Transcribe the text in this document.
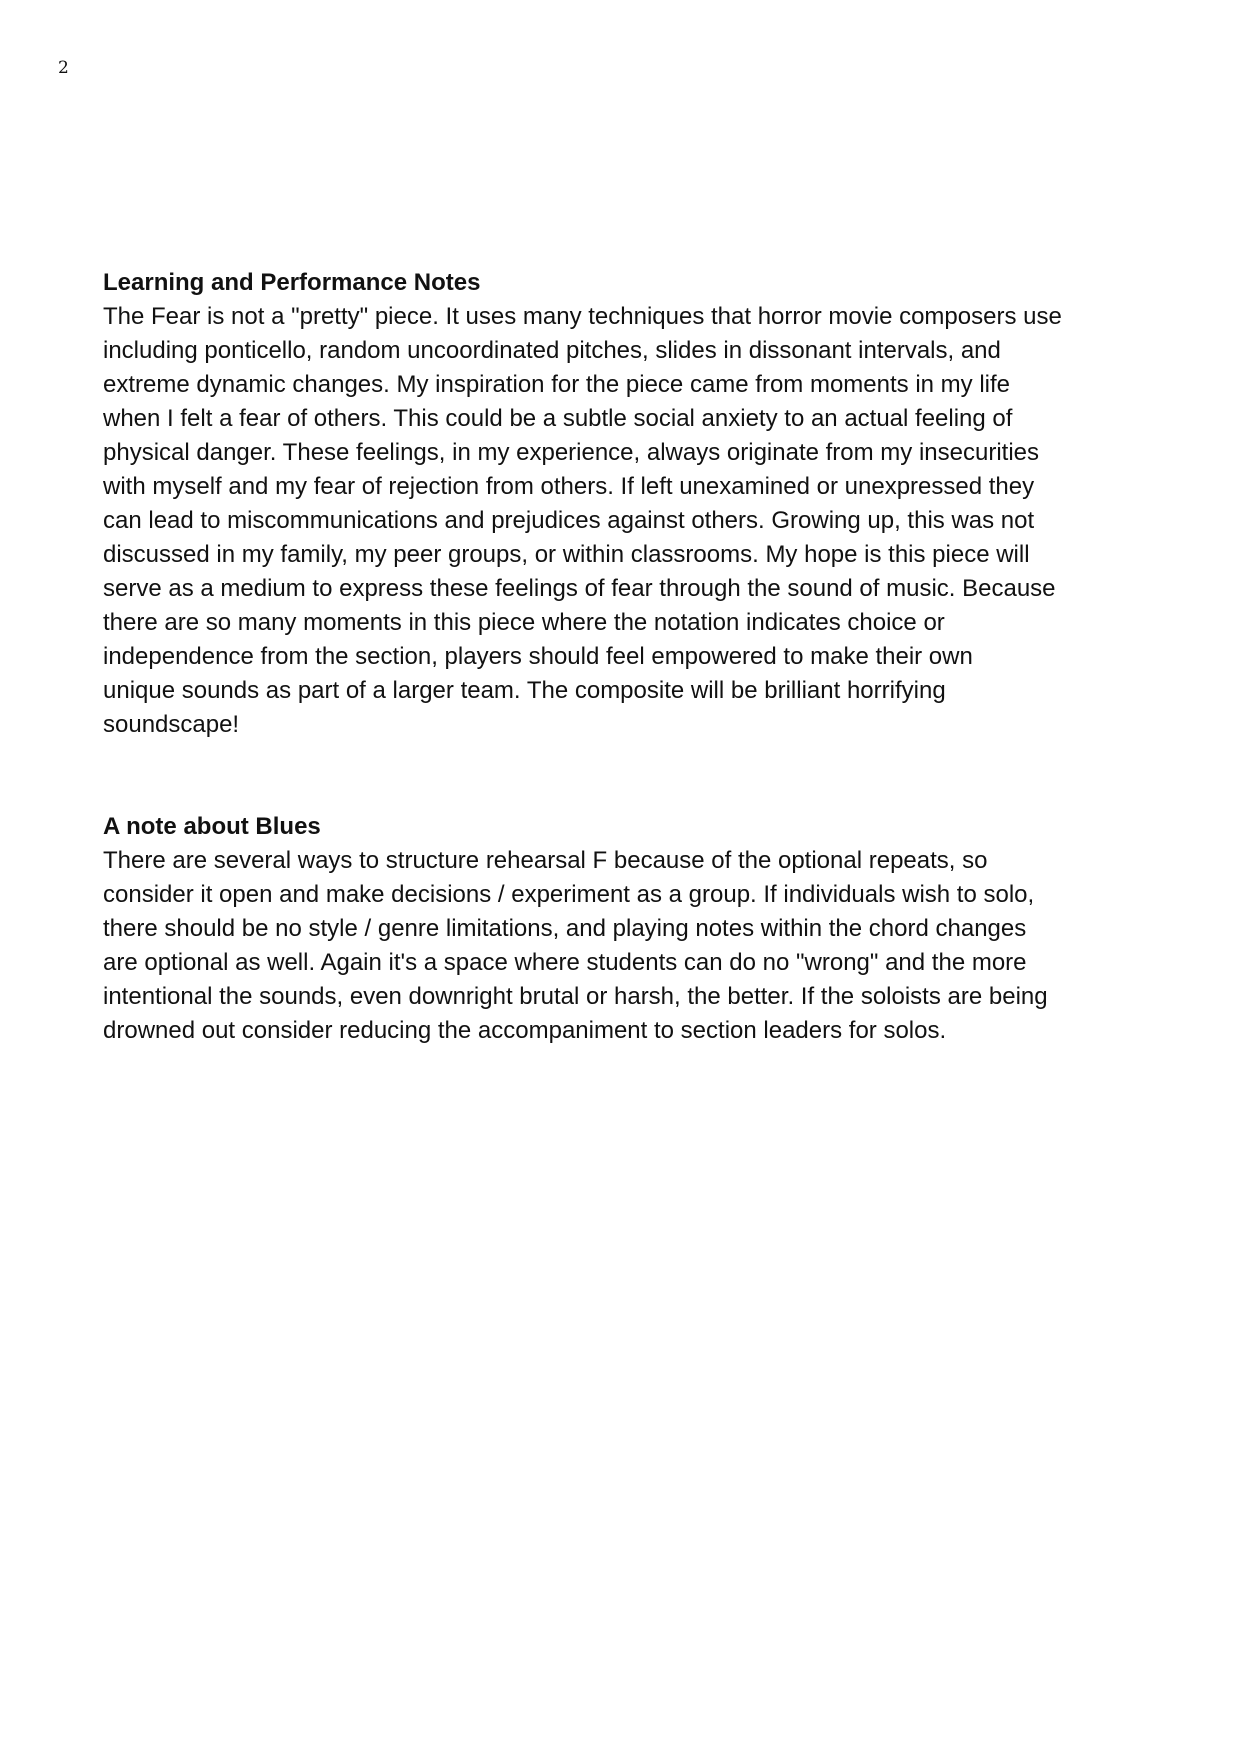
2
Learning and Performance Notes

The Fear is not a "pretty" piece. It uses many techniques that horror movie composers use
including ponticello, random uncoordinated pitches, slides in dissonant intervals, and
extreme dynamic changes. My inspiration for the piece came from moments in my life
when I felt a fear of others. This could be a subtle social anxiety to an actual feeling of
physical danger. These feelings, in my experience, always originate from my insecurities
with myself and my fear of rejection from others. If left unexamined or unexpressed they
can lead to miscommunications and prejudices against others. Growing up, this was not
discussed in my family, my peer groups, or within classrooms. My hope is this piece will
serve as a medium to express these feelings of fear through the sound of music. Because
there are so many moments in this piece where the notation indicates choice or
independence from the section, players should feel empowered to make their own
unique sounds as part of a larger team. The composite will be brilliant horrifying
soundscape!

A note about Blues

There are several ways to structure rehearsal F because of the optional repeats, so
consider it open and make decisions / experiment as a group. If individuals wish to solo,
there should be no style / genre limitations, and playing notes within the chord changes
are optional as well. Again it's a space where students can do no "wrong" and the more
intentional the sounds, even downright brutal or harsh, the better. If the soloists are being
drowned out consider reducing the accompaniment to section leaders for solos.
